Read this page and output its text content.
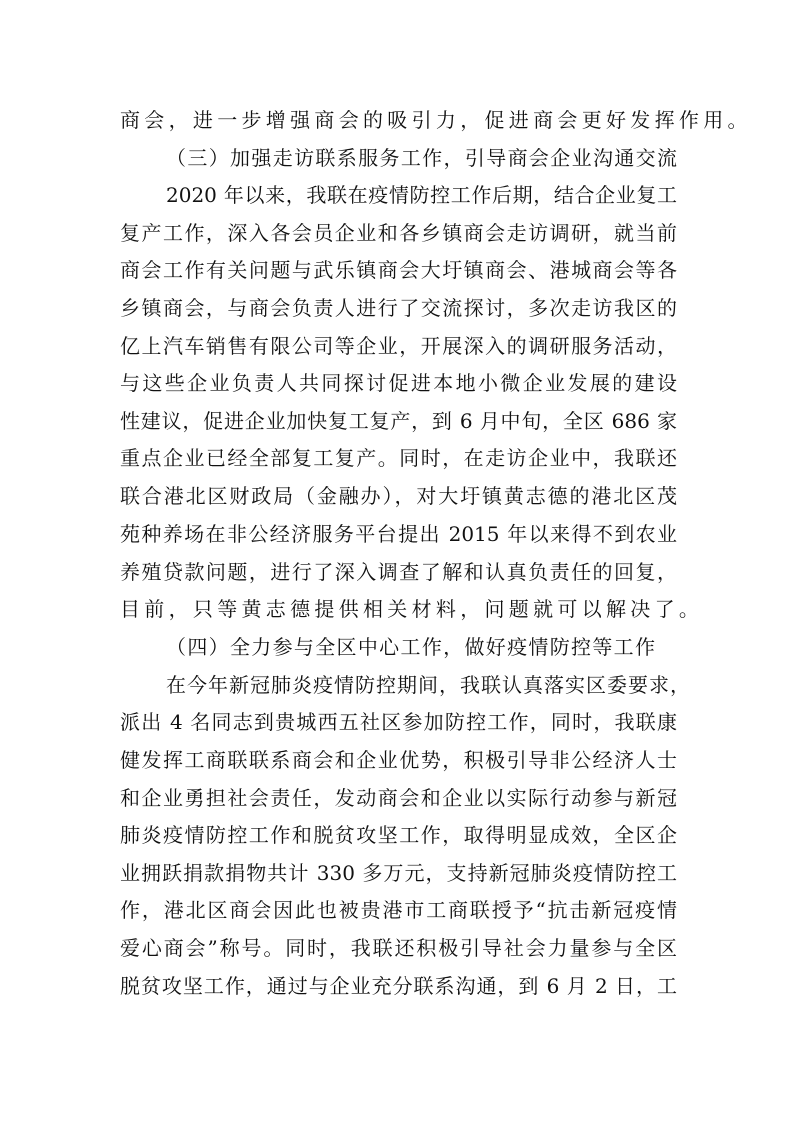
商会，进一步增强商会的吸引力，促进商会更好发挥作用。
（三）加强走访联系服务工作，引导商会企业沟通交流
2020 年以来，我联在疫情防控工作后期，结合企业复工
复产工作，深入各会员企业和各乡镇商会走访调研，就当前
商会工作有关问题与武乐镇商会大圩镇商会、港城商会等各
乡镇商会，与商会负责人进行了交流探讨，多次走访我区的
亿上汽车销售有限公司等企业，开展深入的调研服务活动，
与这些企业负责人共同探讨促进本地小微企业发展的建设
性建议，促进企业加快复工复产，到 6 月中旬，全区 686 家
重点企业已经全部复工复产。同时，在走访企业中，我联还
联合港北区财政局（金融办），对大圩镇黄志德的港北区茂
苑种养场在非公经济服务平台提出 2015 年以来得不到农业
养殖贷款问题，进行了深入调查了解和认真负责任的回复，
目前，只等黄志德提供相关材料，问题就可以解决了。
（四）全力参与全区中心工作，做好疫情防控等工作
在今年新冠肺炎疫情防控期间，我联认真落实区委要求，
派出 4 名同志到贵城西五社区参加防控工作，同时，我联康
健发挥工商联联系商会和企业优势，积极引导非公经济人士
和企业勇担社会责任，发动商会和企业以实际行动参与新冠
肺炎疫情防控工作和脱贫攻坚工作，取得明显成效，全区企
业拥跃捐款捐物共计 330 多万元，支持新冠肺炎疫情防控工
作，港北区商会因此也被贵港市工商联授予“抗击新冠疫情
爱心商会”称号。同时，我联还积极引导社会力量参与全区
脱贫攻坚工作，通过与企业充分联系沟通，到 6 月 2 日，工
